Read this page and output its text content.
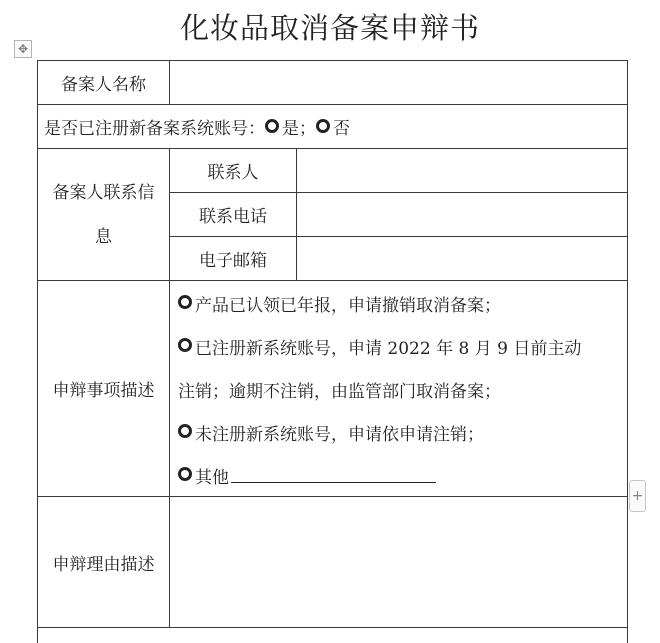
化妆品取消备案申辩书
✥
+
备案人名称
是否已注册新备案系统账号： 是； 否
备案人联系信
息
联系人
联系电话
电子邮箱
申辩事项描述
产品已认领已年报，申请撤销取消备案；
已注册新系统账号，申请 2022 年 8 月 9 日前主动
注销；逾期不注销，由监管部门取消备案；
未注册新系统账号，申请依申请注销；
其他
申辩理由描述
